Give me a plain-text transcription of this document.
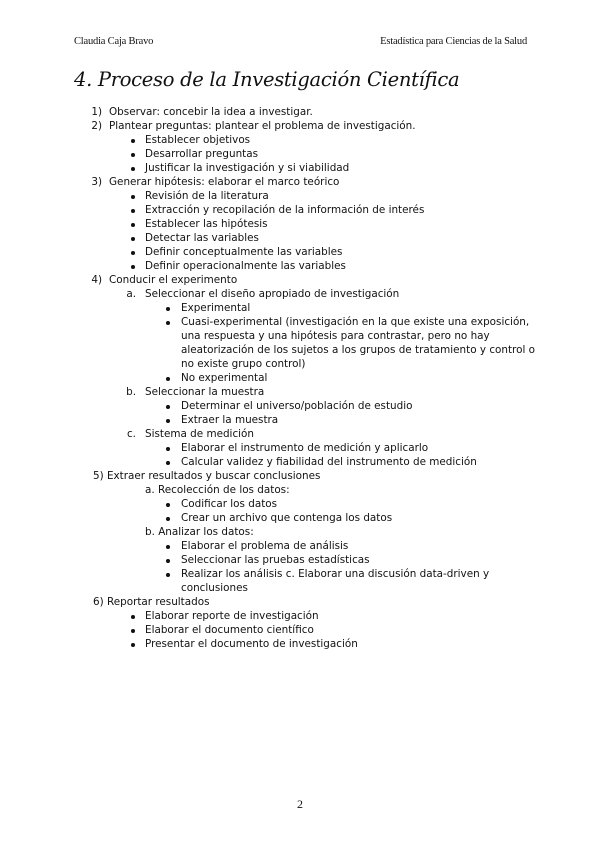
Claudia Caja Bravo	Estadística para Ciencias de la Salud
4. Proceso de la Investigación Científica
1) Observar: concebir la idea a investigar.
2) Plantear preguntas: plantear el problema de investigación.
Establecer objetivos
Desarrollar preguntas
Justificar la investigación y si viabilidad
3) Generar hipótesis: elaborar el marco teórico
Revisión de la literatura
Extracción y recopilación de la información de interés
Establecer las hipótesis
Detectar las variables
Definir conceptualmente las variables
Definir operacionalmente las variables
4) Conducir el experimento
a. Seleccionar el diseño apropiado de investigación
Experimental
Cuasi-experimental (investigación en la que existe una exposición,
una respuesta y una hipótesis para contrastar, pero no hay
aleatorización de los sujetos a los grupos de tratamiento y control o
no existe grupo control)
No experimental
b. Seleccionar la muestra
Determinar el universo/población de estudio
Extraer la muestra
c. Sistema de medición
Elaborar el instrumento de medición y aplicarlo
Calcular validez y fiabilidad del instrumento de medición
5) Extraer resultados y buscar conclusiones
a. Recolección de los datos:
Codificar los datos
Crear un archivo que contenga los datos
b. Analizar los datos:
Elaborar el problema de análisis
Seleccionar las pruebas estadísticas
Realizar los análisis c. Elaborar una discusión data-driven y
conclusiones
6) Reportar resultados
Elaborar reporte de investigación
Elaborar el documento científico
Presentar el documento de investigación
2
